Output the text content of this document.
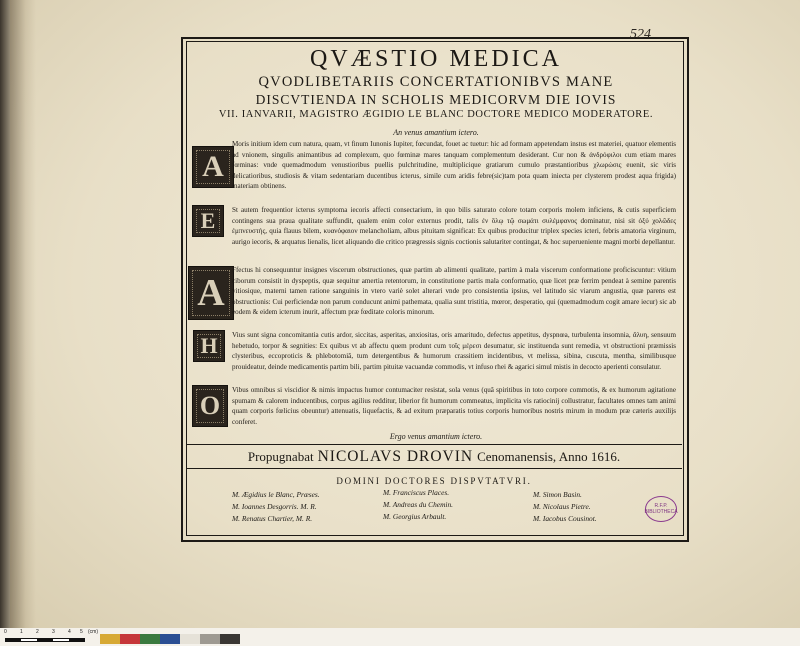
524
QVÆSTIO MEDICA
QVODLIBETARIIS CONCERTATIONIBVS MANE
DISCVTIENDA IN SCHOLIS MEDICORVM DIE IOVIS
VII. IANVARII, MAGISTRO ÆGIDIO LE BLANC DOCTORE MEDICO MODERATORE.
An venus amantium ictero.
A
Moris initium idem cum natura, quam, vt finum Iunonis Iupiter, fœcundat, fouet ac tuetur: hic ad formam appetendam instus est materiei, quatuor elementis ad vnionem, singulis animantibus ad complexum, quo fœminæ mares tanquam complementum desiderant. Cur non & ἀνδρόφιλοι cum etiam mares fœminas: vnde quemadmodum venustioribus puellis pulchritudine, multiplicique gratiarum cumulo præstantioribus χλωρώσις euenit, sic viris delicatioribus, studiosis & vitam sedentariam ducentibus icterus, simile cum aridis febre(sic)tam pota quam iniecta per clysterem prodest aqua frigida) materiam obtinens.
E St autem frequentior icterus symptoma iecoris affecti consectarium, in quo bilis saturato colore totam corporis molem inficiens, & cutis superficiem contingens sua praua qualitate suffundit, qualem enim color externus prodit, talis ἐν ὅλῳ τῷ σωμάτι συλέμφανος dominatur, nisi sit ὀξύ χολῶδες ἐμπνευστής, quia flauus bilem, κυανόφαιον melancholiam, albus pituitam significat: Ex quibus producitur triplex species icteri, febris amatoria virginum, aurigo iecoris, & arquatus lienalis, licet aliquando die critico prægressis signis coctionis salutariter contingat, & hoc superueniente magni morbi depellantur.
A
Ffectus hi consequuntur insignes viscerum obstructiones, quæ partim ab alimenti qualitate, partim à mala viscerum conformatione proficiscuntur: vitium ciborum consistit in dyspeptis, quæ sequitur amertia retentorum, in constitutione partis mala conformatio, quæ licet præ ferrim pendeat à semine parentis vitiosique, materni tamen ratione sanguinis in vtero variè solet alterari vnde pro consistentia ipsius, vel latitudo sic viarum angustia, quæ parens est obstructionis: Cui perficiendæ non parum conducunt animi pathemata, qualia sunt tristitia, mœror, desperatio, qui (quemadmodum cogit amare iecur) sic ab eodem & eidem icterum inurit, affectum præ fœditate coloris minorum.
H Vius sunt signa concomitantia cutis ardor, siccitas, asperitas, anxiositas, oris amaritudo, defectus appetitus, dyspnœa, turbulenta insomnia, ἄλυη, sensuum hebetudo, torpor & segnities: Ex quibus vt ab affectu quem produnt cum τοῖς μέρεσι desumatur, sic instituenda sunt remedia, vt obstructioni præmissis clysteribus, eccoproticis & phlebotomiâ, tum detergentibus & humorum crassitiem incidentibus, vt melissa, sibina, cuscuta, mentha, similibusque prouideatur, deinde medicamentis partim bili, partim pituitæ vacuandæ commodis, vt infuso rhei & agarici simul mistis in decocto aperienti consulatur.
O
Vibus omnibus si viscidior & nimis impactus humor contumaciter resistat, sola venus (quâ spiritibus in toto corpore commotis, & ex humorum agitatione spumam & calorem inducentibus, corpus agilius redditur, liberior fit humorum commeatus, implicita vis ratiocinij collustratur, facultates omnes tam animi quam corporis fœlicius obeuntur) attenuatis, liquefactis, & ad exitum præparatis totius corporis humoribus nostris mirum in modum præ cæteris auxilijs conferet.
Ergo venus amantium ictero.
Propugnabat NICOLAVS DROVIN Cenomanensis, Anno 1616.
DOMINI DOCTORES DISPVTATVRI.
M. Ægidius le Blanc, Præses.
M. Ioannes Desgorris. M. R.
M. Renatus Chartier, M. R.
M. Franciscus Places.
M. Andreas du Chemin.
M. Georgius Arbault.
M. Simon Basin.
M. Nicolaus Pietre.
M. Iacobus Cousinot.
R.F.P.
BIBLIOTHECA
0	1	2	3	4 5 (cm)
